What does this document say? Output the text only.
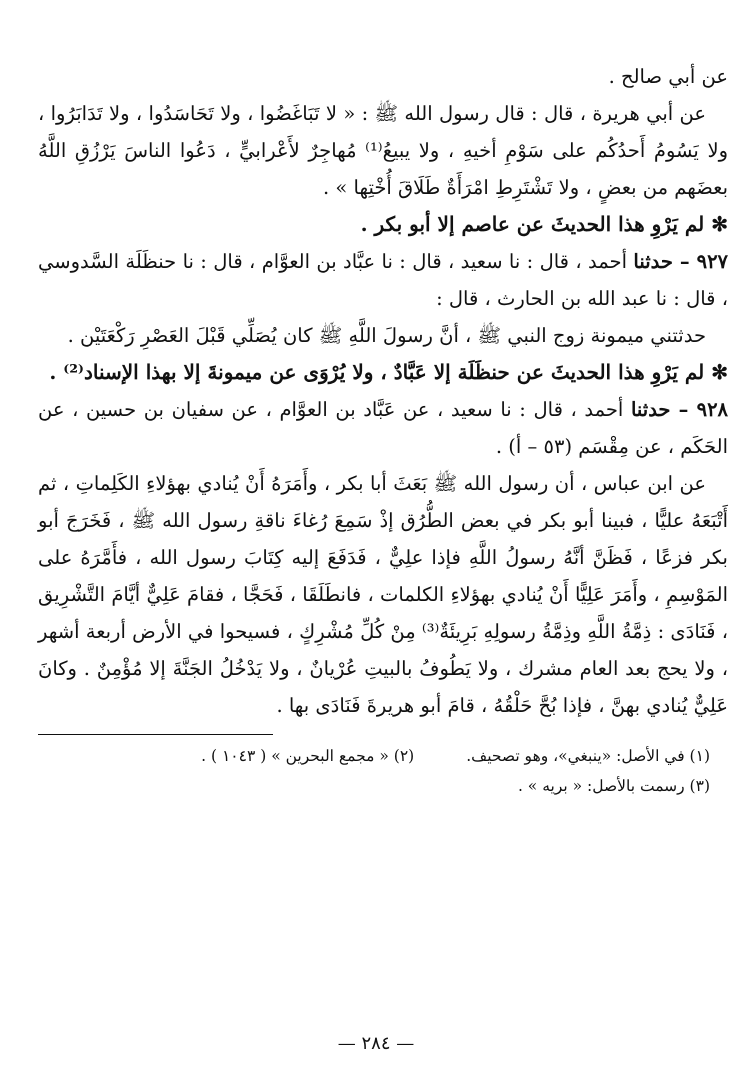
عن أبي صالح .

عن أبي هريرة ، قال : قال رسول الله ﷺ : « لا تَبَاغَضُوا ، ولا تَحَاسَدُوا ، ولا تَدَابَرُوا ، ولا يَسُومُ أَحدُكُم على سَوْمِ أخيهِ ، ولا يبيعُ⁽¹⁾ مُهاجِرٌ لأَعْرابيٍّ ، دَعُوا الناسَ يَرْزُقِ اللَّهُ بعضَهم من بعضٍ ، ولا تَشْتَرِطِ امْرَأَةٌ طَلَاقَ أُخْتِها » .

✻ لم يَرْوِ هذا الحديثَ عن عاصم إلا أبو بكر .

٩٢٧ – حدثنا أحمد ، قال : نا سعيد ، قال : نا عبَّاد بن العوَّام ، قال : نا حنظَلَة السَّدوسي ، قال : نا عبد الله بن الحارث ، قال :

حدثتني ميمونة زوج النبي ﷺ ، أنَّ رسولَ اللَّهِ ﷺ كان يُصَلِّي قَبْلَ العَصْرِ رَكْعَتَيْن .

✻ لم يَرْوِ هذا الحديثَ عن حنظَلَة إلا عَبَّادٌ ، ولا يُرْوَى عن ميمونةَ إلا بهذا الإسناد⁽²⁾ .

٩٢٨ – حدثنا أحمد ، قال : نا سعيد ، عن عَبَّاد بن العوَّام ، عن سفيان بن حسين ، عن الحَكَم ، عن مِقْسَم (٥٣ – أ) .

عن ابن عباس ، أن رسول الله ﷺ بَعَثَ أبا بكر ، وأَمَرَهُ أَنْ يُنادي بهؤلاءِ الكَلِماتِ ، ثم أَتْبَعَهُ عليًّا ، فبينا أبو بكر في بعض الطُّرُق إذْ سَمِعَ رُغاءَ ناقةِ رسول الله ﷺ ، فَخَرَجَ أبو بكر فزعًا ، فَظَنَّ أنَّهُ رسولُ اللَّهِ فإذا علِيٌّ ، فَدَفَعَ إليه كِتَابَ رسول الله ، فأَمَّرَهُ على المَوْسِمِ ، وأَمَرَ عَلِيًّا أَنْ يُنادي بهؤلاءِ الكلمات ، فانطَلَقَا ، فَحَجَّا ، فقامَ عَلِيٌّ أيَّامَ التَّشْرِيق ، فَنَادَى : ذِمَّةُ اللَّهِ وذِمَّةُ رسولِهِ بَرِيئَةٌ⁽³⁾ مِنْ كُلِّ مُشْرِكٍ ، فسيحوا في الأرض أربعة أشهر ، ولا يحج بعد العام مشرك ، ولا يَطُوفُ بالبيتِ عُرْيانٌ ، ولا يَدْخُلُ الجَنَّةَ إلا مُؤْمِنٌ . وكانَ عَلِيٌّ يُنادي بهنَّ ، فإذا بُحَّ حَلْقُهُ ، قامَ أبو هريرةَ فَنَادَى بها .

(١) في الأصل: «ينبغي»، وهو تصحيف.(٢) « مجمع البحرين » ( ١٠٤٣ ) .

(٣) رسمت بالأصل: « بريه » .

— ٢٨٤ —
